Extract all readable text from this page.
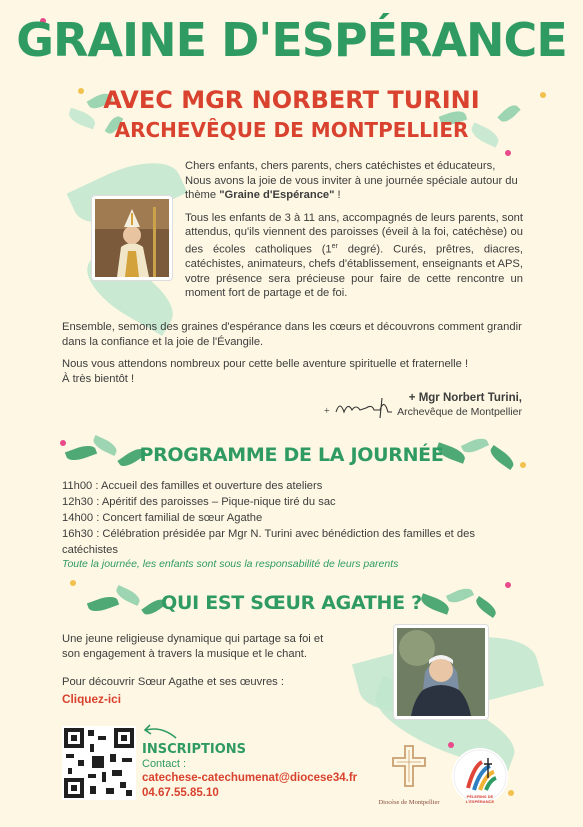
GRAINE D'ESPÉRANCE
AVEC MGR NORBERT TURINI
ARCHEVÊQUE DE MONTPELLIER
Chers enfants, chers parents, chers catéchistes et éducateurs,
Nous avons la joie de vous inviter à une journée spéciale autour du thème "Graine d'Espérance" !
Tous les enfants de 3 à 11 ans, accompagnés de leurs parents, sont attendus, qu'ils viennent des paroisses (éveil à la foi, catéchèse) ou des écoles catholiques (1er degré). Curés, prêtres, diacres, catéchistes, animateurs, chefs d'établissement, enseignants et APS, votre présence sera précieuse pour faire de cette rencontre un moment fort de partage et de foi.
Ensemble, semons des graines d'espérance dans les cœurs et découvrons comment grandir dans la confiance et la joie de l'Évangile.
Nous vous attendons nombreux pour cette belle aventure spirituelle et fraternelle !
À très bientôt !
+
+ Mgr Norbert Turini,
Archevêque de Montpellier
PROGRAMME DE LA JOURNÉE
11h00 : Accueil des familles et ouverture des ateliers
12h30 : Apéritif des paroisses – Pique-nique tiré du sac
14h00 : Concert familial de sœur Agathe
16h30 : Célébration présidée par Mgr N. Turini avec bénédiction des familles et des catéchistes
Toute la journée, les enfants sont sous la responsabilité de leurs parents
QUI EST SŒUR AGATHE ?
Une jeune religieuse dynamique qui partage sa foi et son engagement à travers la musique et le chant.
Pour découvrir Sœur Agathe et ses œuvres :
Cliquez-ici
INSCRIPTIONS
Contact :
catechese-catechumenat@diocese34.fr
04.67.55.85.10
Diocèse de Montpellier
PÈLERINS DE L'ESPÉRANCE
